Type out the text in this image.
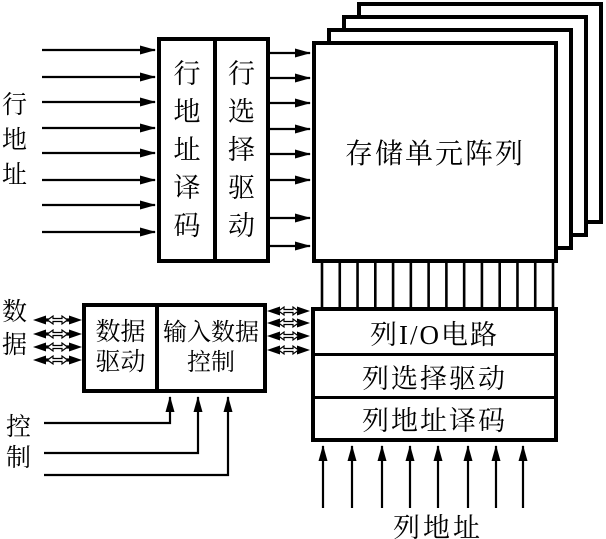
存储单元阵列
行地址译码
行选择驱动
列I/O电路
列选择驱动
列地址译码
数据
驱动
输入数据
控制
行地址
数据
控制
列地址
